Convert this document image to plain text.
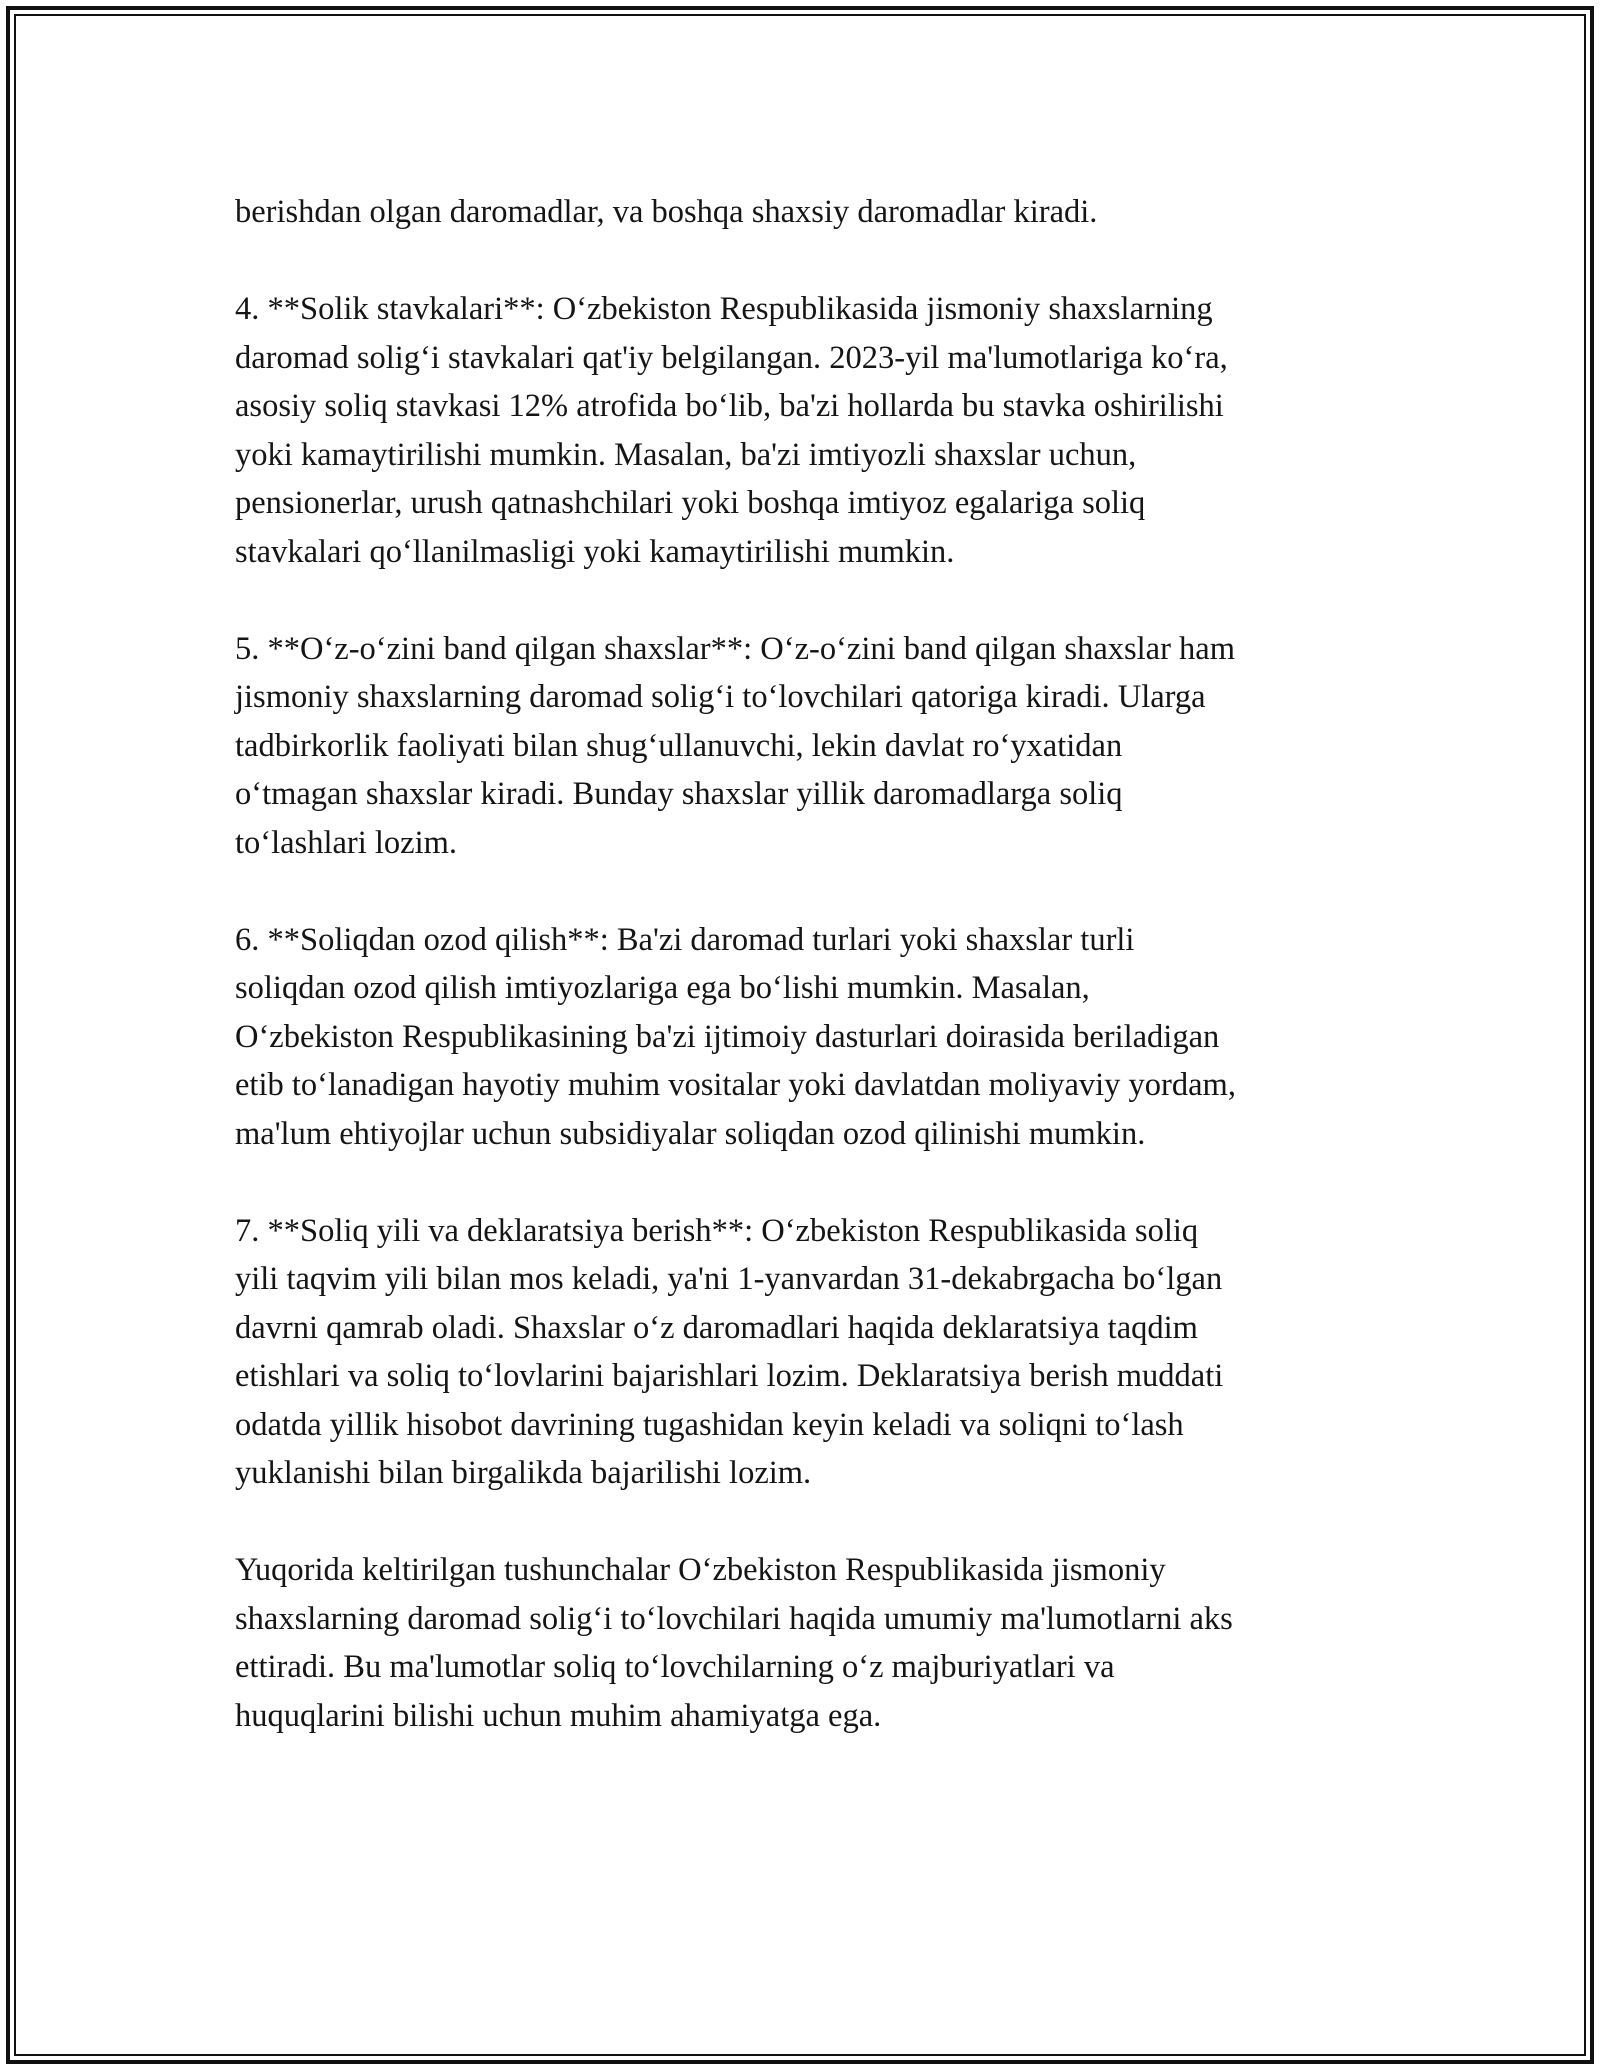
berishdan olgan daromadlar, va boshqa shaxsiy daromadlar kiradi.

4. **Solik stavkalari**: O‘zbekiston Respublikasida jismoniy shaxslarning
daromad solig‘i stavkalari qat'iy belgilangan. 2023-yil ma'lumotlariga ko‘ra,
asosiy soliq stavkasi 12% atrofida bo‘lib, ba'zi hollarda bu stavka oshirilishi
yoki kamaytirilishi mumkin. Masalan, ba'zi imtiyozli shaxslar uchun,
pensionerlar, urush qatnashchilari yoki boshqa imtiyoz egalariga soliq
stavkalari qo‘llanilmasligi yoki kamaytirilishi mumkin.

5. **O‘z-o‘zini band qilgan shaxslar**: O‘z-o‘zini band qilgan shaxslar ham
jismoniy shaxslarning daromad solig‘i to‘lovchilari qatoriga kiradi. Ularga
tadbirkorlik faoliyati bilan shug‘ullanuvchi, lekin davlat ro‘yxatidan
o‘tmagan shaxslar kiradi. Bunday shaxslar yillik daromadlarga soliq
to‘lashlari lozim.

6. **Soliqdan ozod qilish**: Ba'zi daromad turlari yoki shaxslar turli
soliqdan ozod qilish imtiyozlariga ega bo‘lishi mumkin. Masalan,
O‘zbekiston Respublikasining ba'zi ijtimoiy dasturlari doirasida beriladigan
etib to‘lanadigan hayotiy muhim vositalar yoki davlatdan moliyaviy yordam,
ma'lum ehtiyojlar uchun subsidiyalar soliqdan ozod qilinishi mumkin.

7. **Soliq yili va deklaratsiya berish**: O‘zbekiston Respublikasida soliq
yili taqvim yili bilan mos keladi, ya'ni 1-yanvardan 31-dekabrgacha bo‘lgan
davrni qamrab oladi. Shaxslar o‘z daromadlari haqida deklaratsiya taqdim
etishlari va soliq to‘lovlarini bajarishlari lozim. Deklaratsiya berish muddati
odatda yillik hisobot davrining tugashidan keyin keladi va soliqni to‘lash
yuklanishi bilan birgalikda bajarilishi lozim.

Yuqorida keltirilgan tushunchalar O‘zbekiston Respublikasida jismoniy
shaxslarning daromad solig‘i to‘lovchilari haqida umumiy ma'lumotlarni aks
ettiradi. Bu ma'lumotlar soliq to‘lovchilarning o‘z majburiyatlari va
huquqlarini bilishi uchun muhim ahamiyatga ega.
